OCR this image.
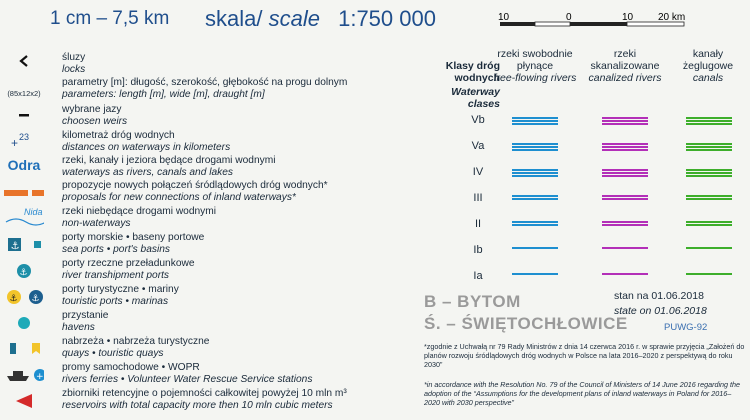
1 cm – 7,5 km skala/ scale 1:750 000	10	0	10 20 km
śluzy
locks
(85x12x2)
parametry [m]: długość, szerokość, głębokość na progu dolnym
parameters: length [m], wide [m], draught [m]
wybrane jazy
choosen weirs
+ 23	kilometraż dróg wodnych
distances on waterways in kilometers
Odra	rzeki, kanały i jeziora będące drogami wodnymi
waterways as rivers, canals and lakes
propozycje nowych połączeń śródlądowych dróg wodnych*
proposals for new connections of inland waterways*
Nida rzeki niebędące drogami wodnymi
non-waterways
⚓
porty morskie • baseny portowe
sea ports • port's basins
⚓
porty rzeczne przeładunkowe
river transhipment ports
⚓ ⚓
porty turystyczne • mariny
touristic ports • marinas
przystanie
havens
nabrzeża • nabrzeża turystyczne
quays • touristic quays
+
promy samochodowe • WOPR
rivers ferries • Volunteer Water Rescue Service stations
zbiorniki retencyjne o pojemności całkowitej powyżej 10 mln m³
reservoirs with total capacity more then 10 mln cubic meters
Klasy dróg wodnych
Waterway clases
rzeki swobodnie płynące
free-flowing rivers
rzeki skanalizowane
canalized rivers
kanały żeglugowe
canals
Vb
Va
IV
III
II
Ib
Ia
B – BYTOM
Ś. – ŚWIĘTOCHŁOWICE
stan na 01.06.2018
state on 01.06.2018
PUWG-92
*zgodnie z Uchwałą nr 79 Rady Ministrów z dnia 14 czerwca 2016 r. w sprawie przyjęcia „Założeń do planów rozwoju śródlądowych dróg wodnych w Polsce na lata 2016–2020 z perspektywą do roku 2030”
*in accordance with the Resolution No. 79 of the Council of Ministers of 14 June 2016 regarding the adoption of the “Assumptions for the development plans of inland waterways in Poland for 2016–2020 with 2030 perspective”
